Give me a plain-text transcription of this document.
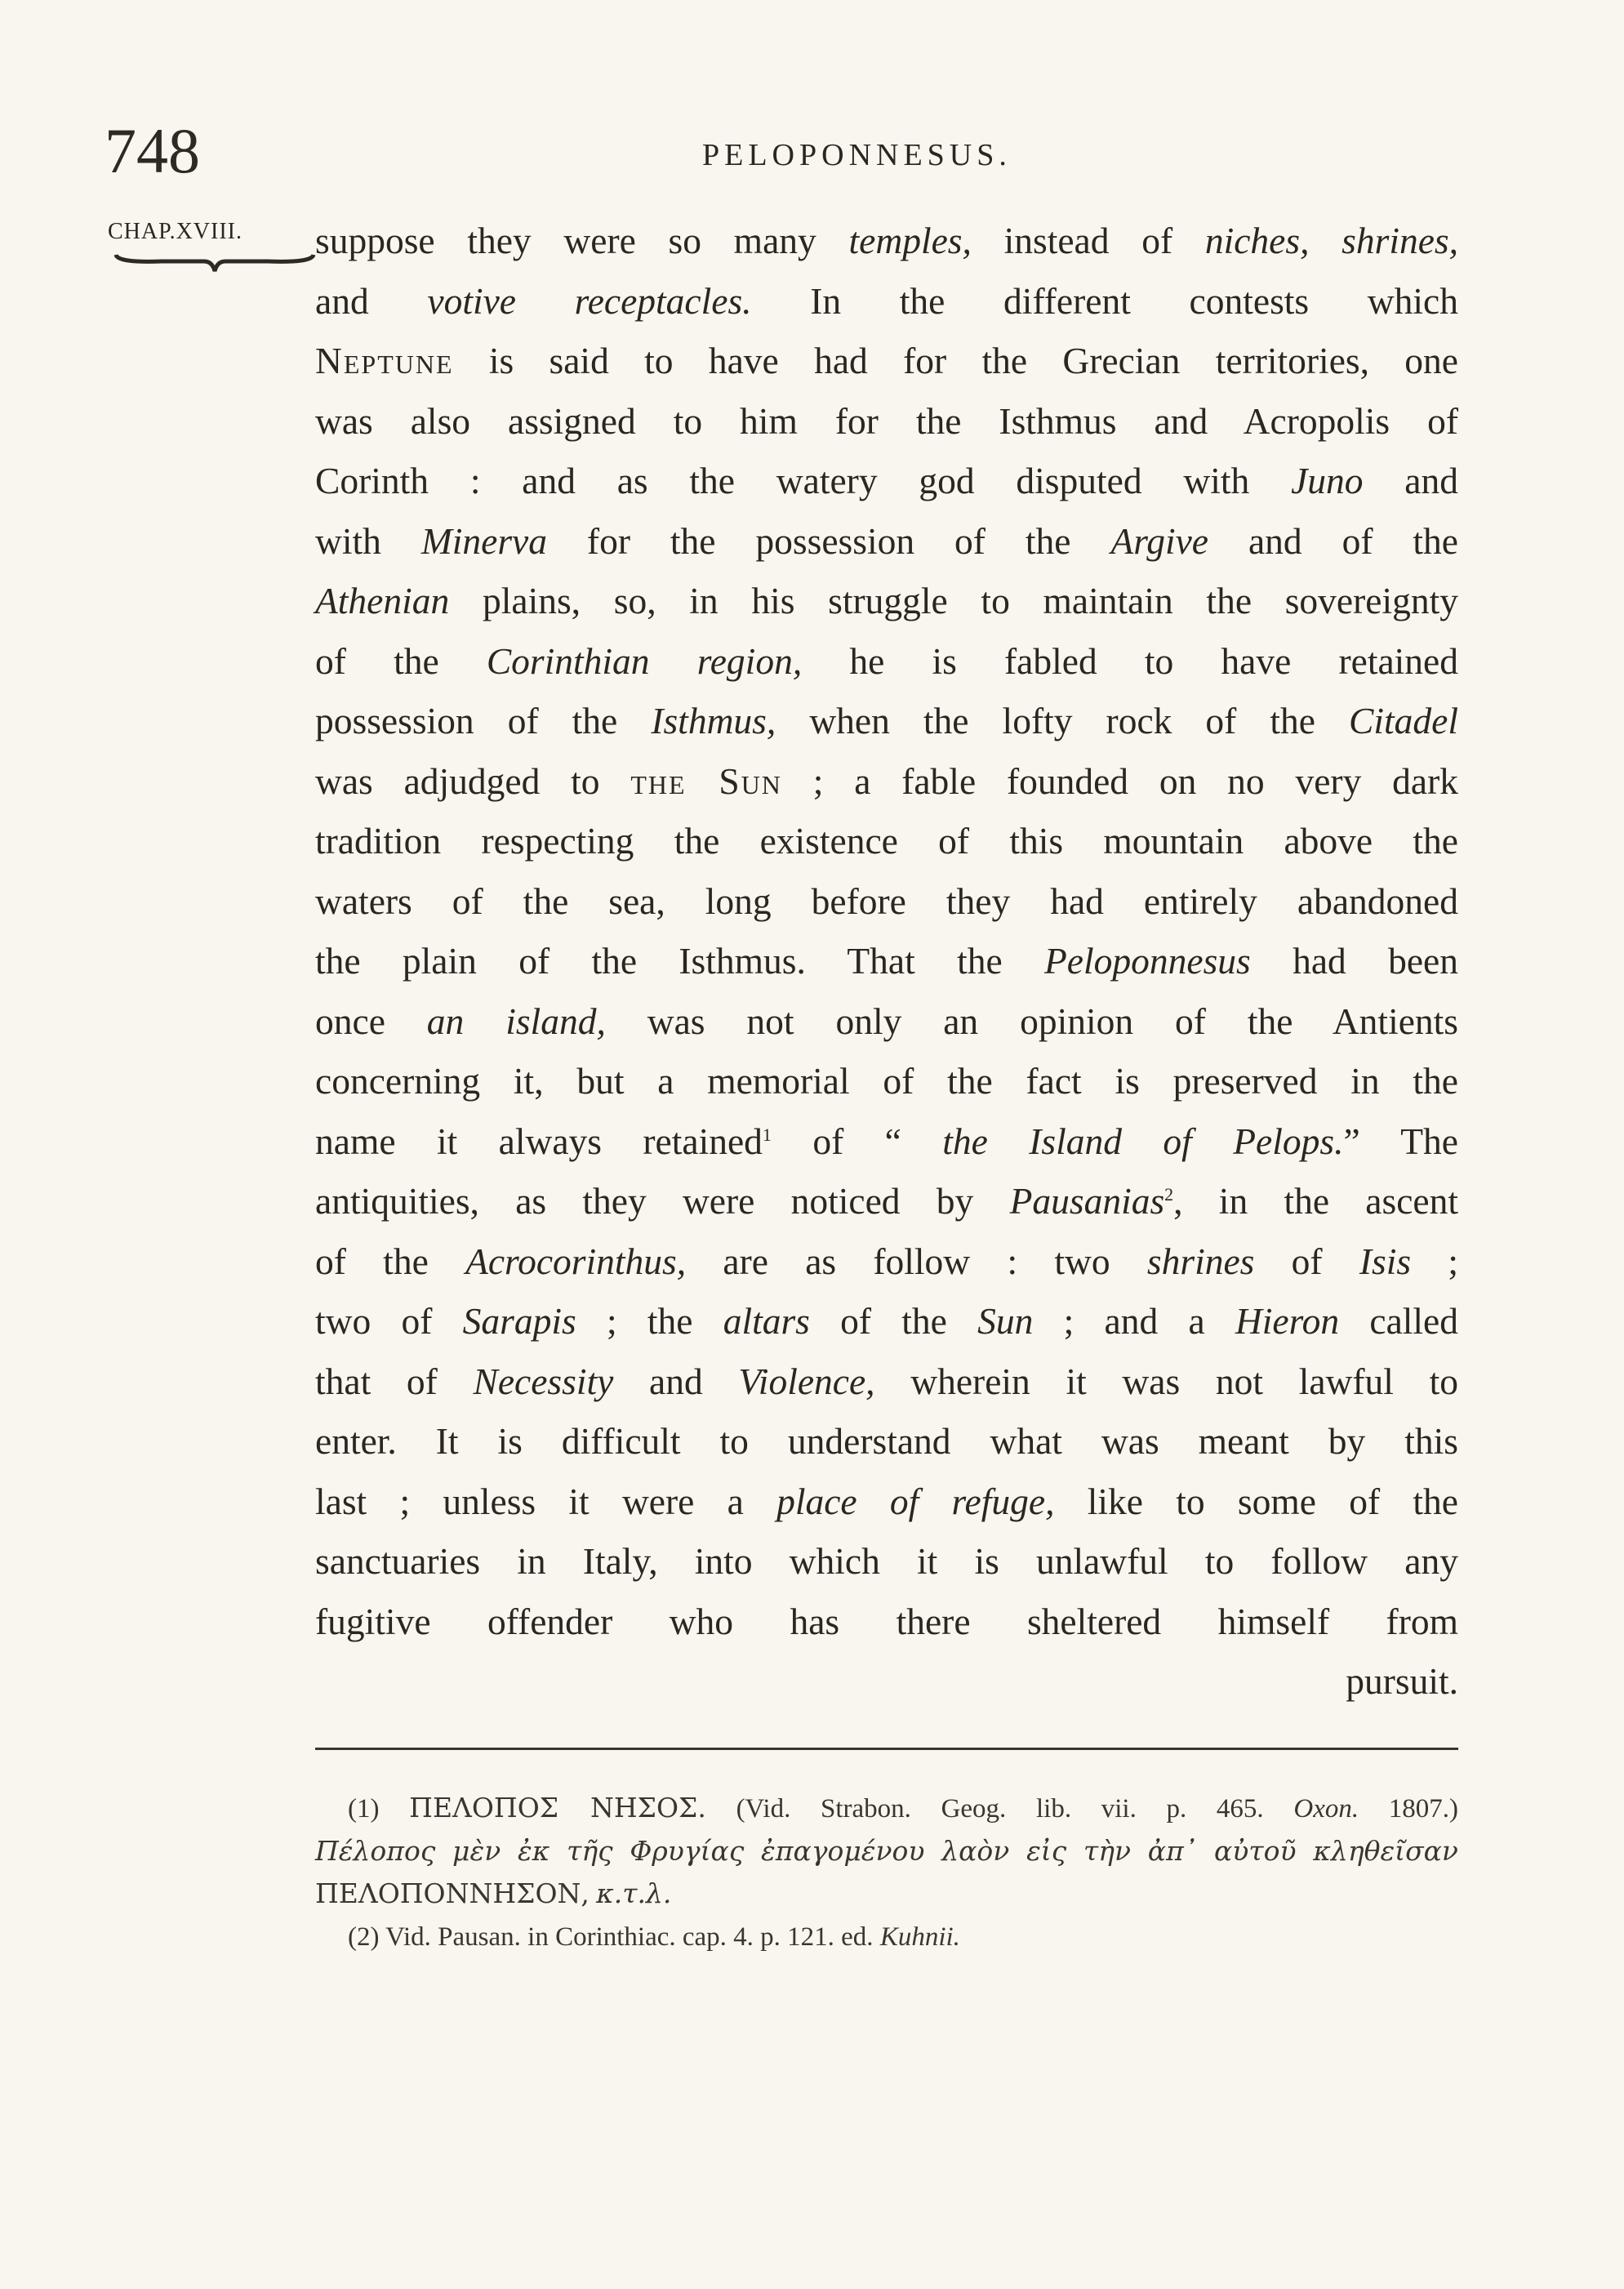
748	PELOPONNESUS.
CHAP.XVIII. suppose they were so many temples, instead of niches, shrines,
and votive receptacles. In the different contests which
Neptune is said to have had for the Grecian territories, one
was also assigned to him for the Isthmus and Acropolis of
Corinth : and as the watery god disputed with Juno and
with Minerva for the possession of the Argive and of the
Athenian plains, so, in his struggle to maintain the sovereignty
of the Corinthian region, he is fabled to have retained
possession of the Isthmus, when the lofty rock of the Citadel
was adjudged to the Sun ; a fable founded on no very dark
tradition respecting the existence of this mountain above the
waters of the sea, long before they had entirely abandoned
the plain of the Isthmus. That the Peloponnesus had been
once an island, was not only an opinion of the Antients
concerning it, but a memorial of the fact is preserved in the
name it always retained$^1$ of “ the Island of Pelops.” The
antiquities, as they were noticed by Pausanias$^2$, in the ascent
of the Acrocorinthus, are as follow : two shrines of Isis ;
two of Sarapis ; the altars of the Sun ; and a Hieron called
that of Necessity and Violence, wherein it was not lawful to
enter. It is difficult to understand what was meant by this
last ; unless it were a place of refuge, like to some of the
sanctuaries in Italy, into which it is unlawful to follow any
fugitive offender who has there sheltered himself from
pursuit.
(1) ΠΕΛΟΠΟΣ ΝΗΣΟΣ. (Vid. Strabon. Geog. lib. vii. p. 465. Oxon. 1807.)
Πέλοπος μὲν ἐκ τῆς Φρυγίας ἐπαγομένου λαὸν εἰς τὴν ἀπ᾽ αὐτοῦ κληθεῖσαν
ΠΕΛΟΠΟΝΝΗΣΟΝ, κ.τ.λ.
(2) Vid. Pausan. in Corinthiac. cap. 4. p. 121. ed. Kuhnii.
